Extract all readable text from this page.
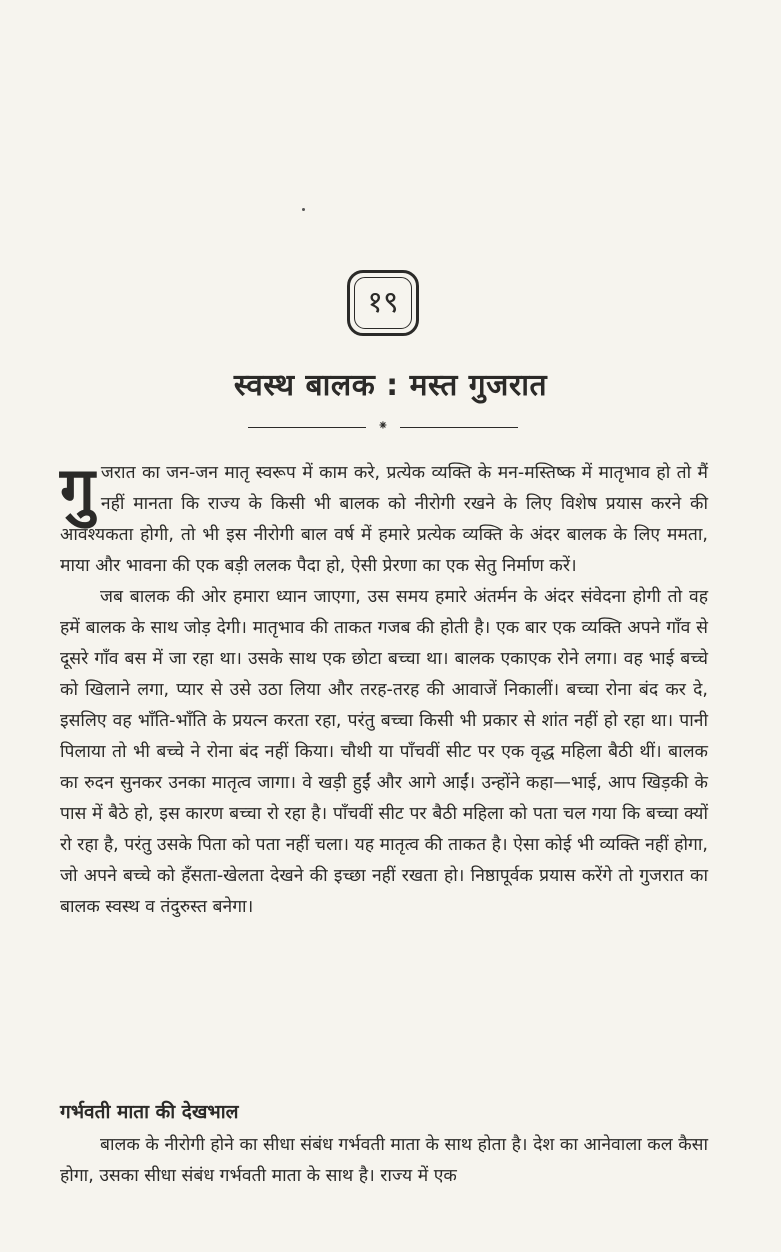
१९
स्वस्थ बालक : मस्त गुजरात
⁕

गुजरात का जन-जन मातृ स्वरूप में काम करे, प्रत्येक व्यक्ति के मन-मस्तिष्क में मातृभाव हो तो मैं नहीं मानता कि राज्य के किसी भी बालक को नीरोगी रखने के लिए विशेष प्रयास करने की आवश्यकता होगी, तो भी इस नीरोगी बाल वर्ष में हमारे प्रत्येक व्यक्ति के अंदर बालक के लिए ममता, माया और भावना की एक बड़ी ललक पैदा हो, ऐसी प्रेरणा का एक सेतु निर्माण करें।

जब बालक की ओर हमारा ध्यान जाएगा, उस समय हमारे अंतर्मन के अंदर संवेदना होगी तो वह हमें बालक के साथ जोड़ देगी। मातृभाव की ताकत गजब की होती है। एक बार एक व्यक्ति अपने गाँव से दूसरे गाँव बस में जा रहा था। उसके साथ एक छोटा बच्चा था। बालक एकाएक रोने लगा। वह भाई बच्चे को खिलाने लगा, प्यार से उसे उठा लिया और तरह-तरह की आवाजें निकालीं। बच्चा रोना बंद कर दे, इसलिए वह भाँति-भाँति के प्रयत्न करता रहा, परंतु बच्चा किसी भी प्रकार से शांत नहीं हो रहा था। पानी पिलाया तो भी बच्चे ने रोना बंद नहीं किया। चौथी या पाँचवीं सीट पर एक वृद्ध महिला बैठी थीं। बालक का रुदन सुनकर उनका मातृत्व जागा। वे खड़ी हुईं और आगे आईं। उन्होंने कहा—भाई, आप खिड़की के पास में बैठे हो, इस कारण बच्चा रो रहा है। पाँचवीं सीट पर बैठी महिला को पता चल गया कि बच्चा क्यों रो रहा है, परंतु उसके पिता को पता नहीं चला। यह मातृत्व की ताकत है। ऐसा कोई भी व्यक्ति नहीं होगा, जो अपने बच्चे को हँसता-खेलता देखने की इच्छा नहीं रखता हो। निष्ठापूर्वक प्रयास करेंगे तो गुजरात का बालक स्वस्थ व तंदुरुस्त बनेगा।

गर्भवती माता की देखभाल

बालक के नीरोगी होने का सीधा संबंध गर्भवती माता के साथ होता है। देश का आनेवाला कल कैसा होगा, उसका सीधा संबंध गर्भवती माता के साथ है। राज्य में एक
